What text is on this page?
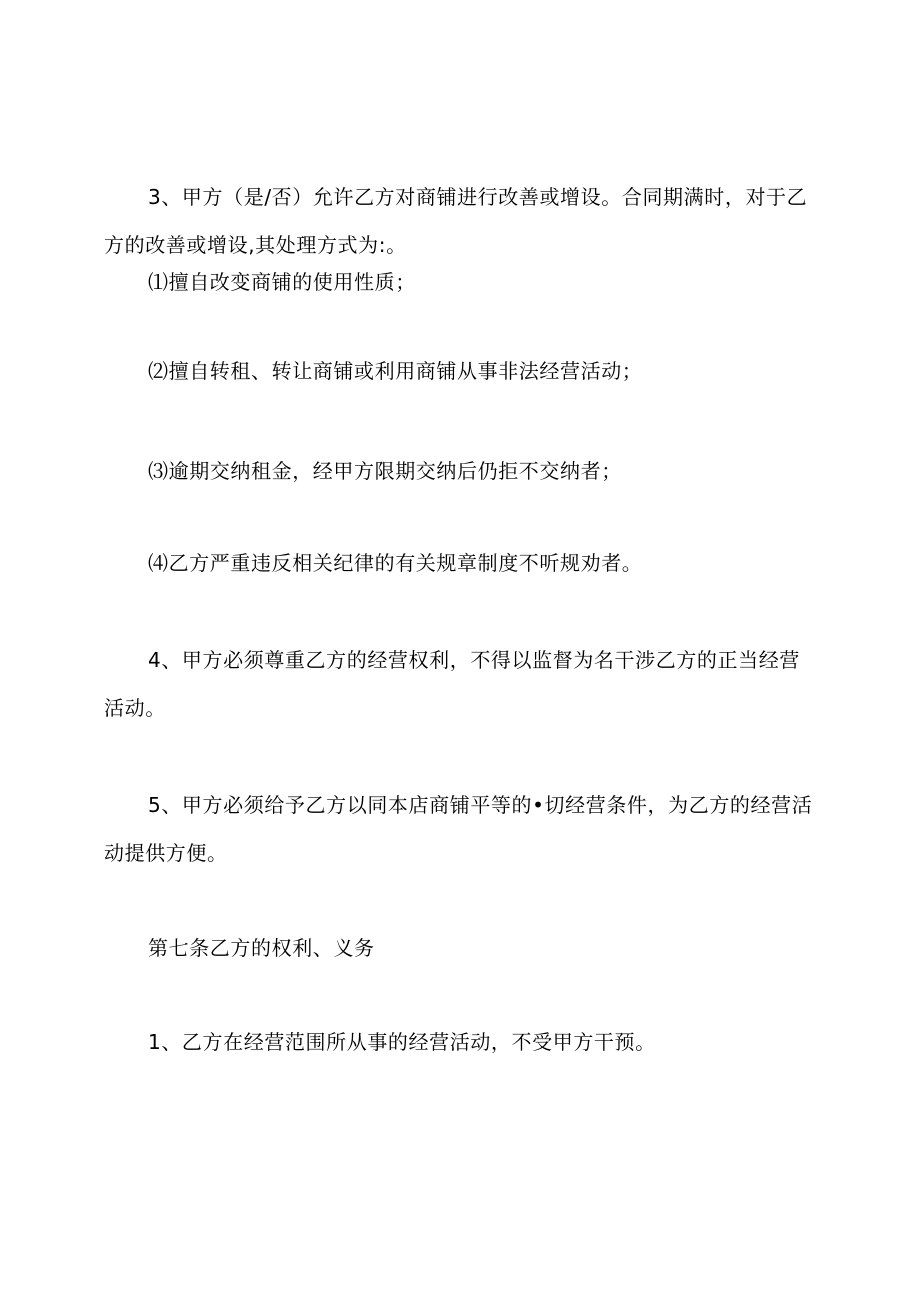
3、甲方（是/否）允许乙方对商铺进行改善或增设。合同期满时，对于乙方的改善或增设,其处理方式为:。

⑴擅自改变商铺的使用性质；

⑵擅自转租、转让商铺或利用商铺从事非法经营活动；

⑶逾期交纳租金，经甲方限期交纳后仍拒不交纳者；

⑷乙方严重违反相关纪律的有关规章制度不听规劝者。

4、甲方必须尊重乙方的经营权利，不得以监督为名干涉乙方的正当经营活动。

5、甲方必须给予乙方以同本店商铺平等的•切经营条件，为乙方的经营活动提供方便。

第七条乙方的权利、义务

1、乙方在经营范围所从事的经营活动，不受甲方干预。
